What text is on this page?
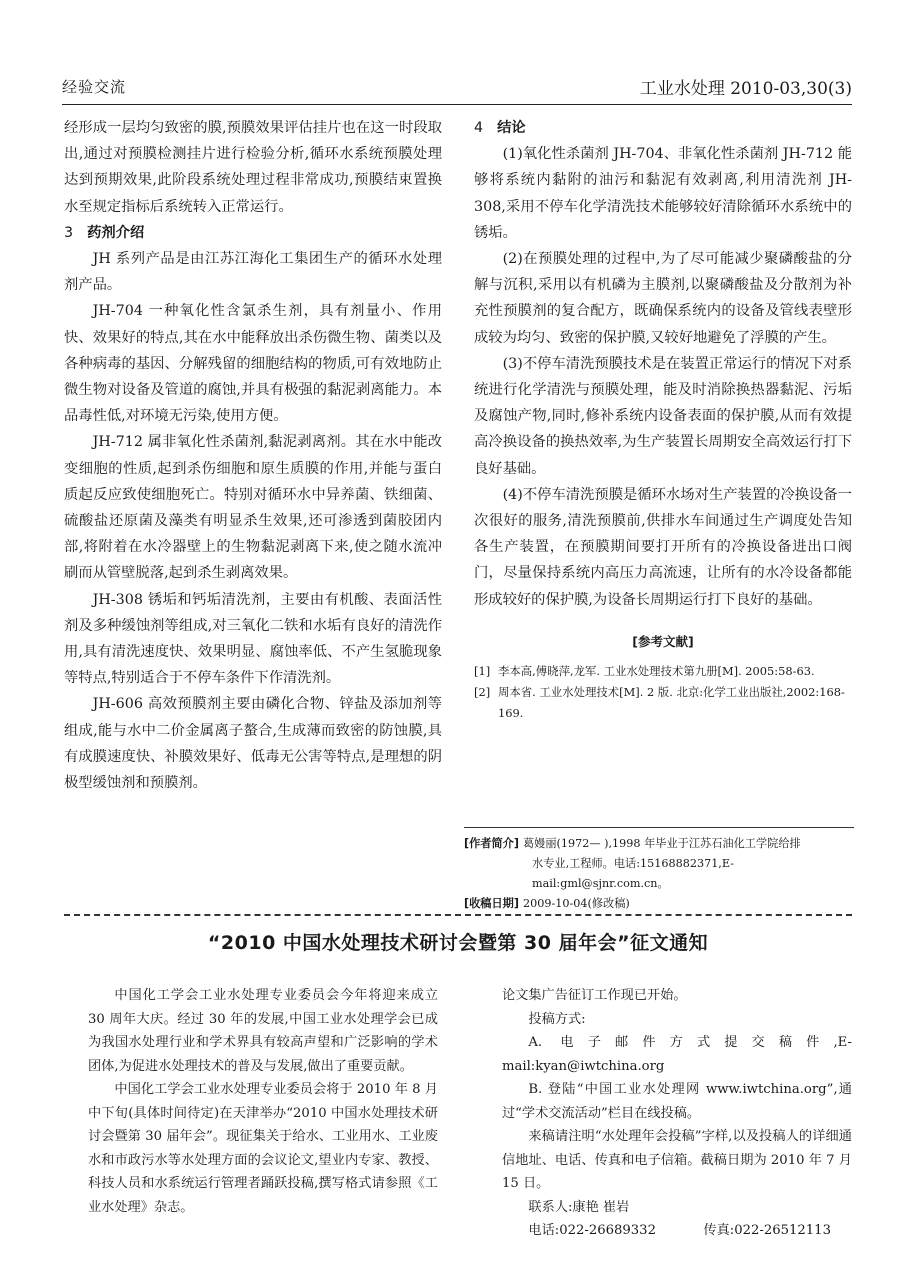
经验交流	工业水处理 2010-03,30(3)

经形成一层均匀致密的膜,预膜效果评估挂片也在这一时段取出,通过对预膜检测挂片进行检验分析,循环水系统预膜处理达到预期效果,此阶段系统处理过程非常成功,预膜结束置换水至规定指标后系统转入正常运行。

3 药剂介绍

JH 系列产品是由江苏江海化工集团生产的循环水处理剂产品。

JH-704 一种氧化性含氯杀生剂，具有剂量小、作用快、效果好的特点,其在水中能释放出杀伤微生物、菌类以及各种病毒的基因、分解残留的细胞结构的物质,可有效地防止微生物对设备及管道的腐蚀,并具有极强的黏泥剥离能力。本品毒性低,对环境无污染,使用方便。

JH-712 属非氧化性杀菌剂,黏泥剥离剂。其在水中能改变细胞的性质,起到杀伤细胞和原生质膜的作用,并能与蛋白质起反应致使细胞死亡。特别对循环水中异养菌、铁细菌、硫酸盐还原菌及藻类有明显杀生效果,还可渗透到菌胶团内部,将附着在水冷器壁上的生物黏泥剥离下来,使之随水流冲刷而从管壁脱落,起到杀生剥离效果。

JH-308 锈垢和钙垢清洗剂，主要由有机酸、表面活性剂及多种缓蚀剂等组成,对三氧化二铁和水垢有良好的清洗作用,具有清洗速度快、效果明显、腐蚀率低、不产生氢脆现象等特点,特别适合于不停车条件下作清洗剂。

JH-606 高效预膜剂主要由磷化合物、锌盐及添加剂等组成,能与水中二价金属离子螯合,生成薄而致密的防蚀膜,具有成膜速度快、补膜效果好、低毒无公害等特点,是理想的阴极型缓蚀剂和预膜剂。

4 结论

(1)氧化性杀菌剂 JH-704、非氧化性杀菌剂 JH-712 能够将系统内黏附的油污和黏泥有效剥离,利用清洗剂 JH-308,采用不停车化学清洗技术能够较好清除循环水系统中的锈垢。

(2)在预膜处理的过程中,为了尽可能减少聚磷酸盐的分解与沉积,采用以有机磷为主膜剂,以聚磷酸盐及分散剂为补充性预膜剂的复合配方，既确保系统内的设备及管线表壁形成较为均匀、致密的保护膜,又较好地避免了浮膜的产生。

(3)不停车清洗预膜技术是在装置正常运行的情况下对系统进行化学清洗与预膜处理，能及时消除换热器黏泥、污垢及腐蚀产物,同时,修补系统内设备表面的保护膜,从而有效提高冷换设备的换热效率,为生产装置长周期安全高效运行打下良好基础。

(4)不停车清洗预膜是循环水场对生产装置的冷换设备一次很好的服务,清洗预膜前,供排水车间通过生产调度处告知各生产装置，在预膜期间要打开所有的冷换设备进出口阀门，尽量保持系统内高压力高流速，让所有的水冷设备都能形成较好的保护膜,为设备长周期运行打下良好的基础。

[参考文献]
[1] 李本高,傅晓萍,龙军. 工业水处理技术第九册[M]. 2005:58-63.
[2] 周本省. 工业水处理技术[M]. 2 版. 北京:化学工业出版社,2002:168-169.
[作者简介] 葛嫚丽(1972— ),1998 年毕业于江苏石油化工学院给排
水专业,工程师。电话:15168882371,E-mail:gml@sjnr.com.cn。
[收稿日期] 2009-10-04(修改稿)
“2010 中国水处理技术研讨会暨第 30 届年会”征文通知

中国化工学会工业水处理专业委员会今年将迎来成立 30 周年大庆。经过 30 年的发展,中国工业水处理学会已成为我国水处理行业和学术界具有较高声望和广泛影响的学术团体,为促进水处理技术的普及与发展,做出了重要贡献。

中国化工学会工业水处理专业委员会将于 2010 年 8 月中下旬(具体时间待定)在天津举办“2010 中国水处理技术研讨会暨第 30 届年会”。现征集关于给水、工业用水、工业废水和市政污水等水处理方面的会议论文,望业内专家、教授、科技人员和水系统运行管理者踊跃投稿,撰写格式请参照《工业水处理》杂志。

论文集广告征订工作现已开始。

投稿方式:

A. 电子邮件方式提交稿件,E-mail:kyan@iwtchina.org

B. 登陆“中国工业水处理网 www.iwtchina.org”,通过“学术交流活动”栏目在线投稿。

来稿请注明“水处理年会投稿”字样,以及投稿人的详细通信地址、电话、传真和电子信箱。截稿日期为 2010 年 7 月 15 日。

联系人:康艳 崔岩

电话:022-26689332	传真:022-26512113
